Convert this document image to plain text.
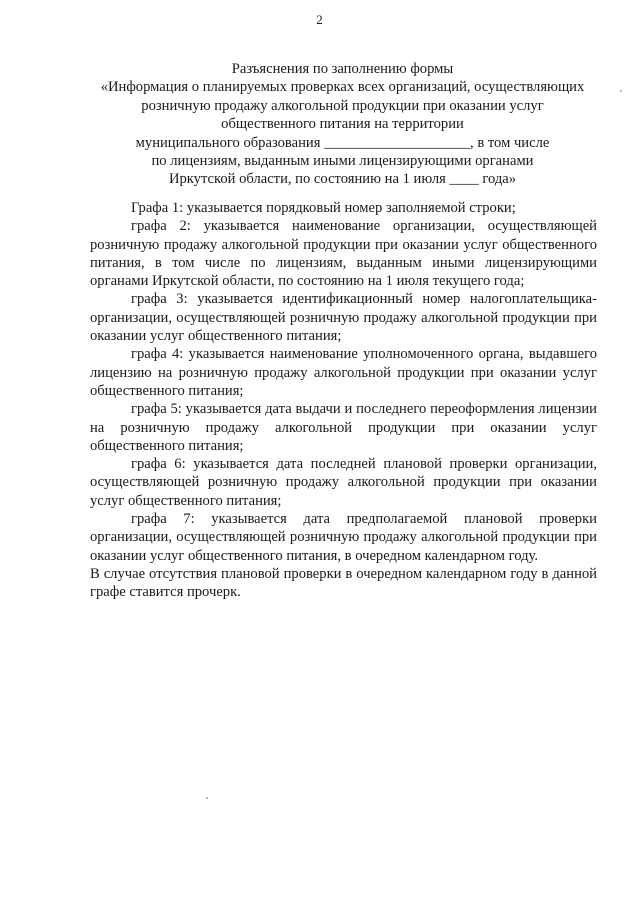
2
Разъяснения по заполнению формы
«Информация о планируемых проверках всех организаций, осуществляющих
розничную продажу алкогольной продукции при оказании услуг
общественного питания на территории
муниципального образования ____________________, в том числе
по лицензиям, выданным иными лицензирующими органами
Иркутской области, по состоянию на 1 июля ____ года»

Графа 1: указывается порядковый номер заполняемой строки;

графа 2: указывается наименование организации, осуществляющей розничную продажу алкогольной продукции при оказании услуг общественного питания, в том числе по лицензиям, выданным иными лицензирующими органами Иркутской области, по состоянию на 1 июля текущего года;

графа 3: указывается идентификационный номер налогоплательщика-организации, осуществляющей розничную продажу алкогольной продукции при оказании услуг общественного питания;

графа 4: указывается наименование уполномоченного органа, выдавшего лицензию на розничную продажу алкогольной продукции при оказании услуг общественного питания;

графа 5: указывается дата выдачи и последнего переоформления лицензии на розничную продажу алкогольной продукции при оказании услуг общественного питания;

графа 6: указывается дата последней плановой проверки организации, осуществляющей розничную продажу алкогольной продукции при оказании услуг общественного питания;

графа 7: указывается дата предполагаемой плановой проверки организации, осуществляющей розничную продажу алкогольной продукции при оказании услуг общественного питания, в очередном календарном году.

В случае отсутствия плановой проверки в очередном календарном году в данной графе ставится прочерк.
